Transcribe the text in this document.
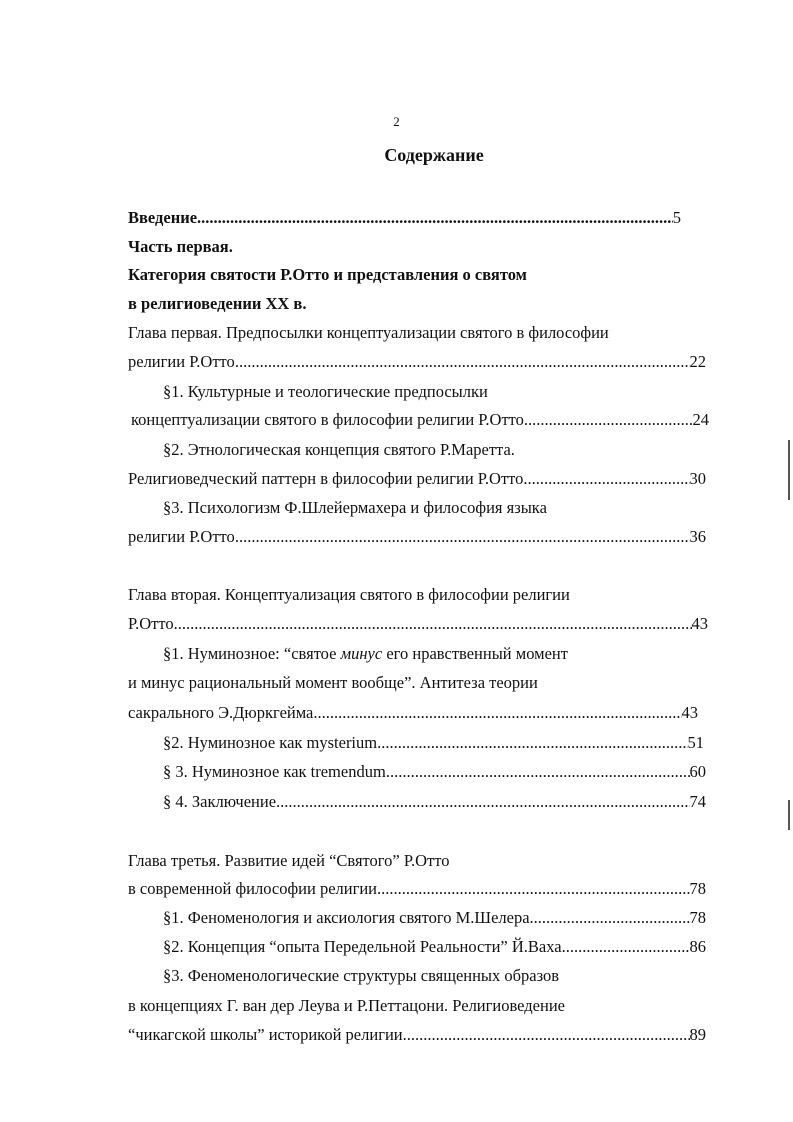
2
Содержание
Введение .....	5
Часть первая.
Категория святости Р.Отто и представления о святом
в религиоведении XX в.
Глава первая. Предпосылки концептуализации святого в философии
религии Р.Отто .....	22
§1. Культурные и теологические предпосылки
концептуализации святого в философии религии Р.Отто .....	24
§2. Этнологическая концепция святого Р.Маретта.
Религиоведческий паттерн в философии религии Р.Отто .....	30
§3. Психологизм Ф.Шлейермахера и философия языка
религии Р.Отто .....	36
Глава вторая. Концептуализация святого в философии религии
Р.Отто .....	43
§1. Нуминозное: “святое минус его нравственный момент
и минус рациональный момент вообще”. Антитеза теории
сакрального Э.Дюркгейма .....	43
§2. Нуминозное как mysterium .....	51
§ 3. Нуминозное как tremendum .....	60
§ 4. Заключение .....	74
Глава третья. Развитие идей “Святого” Р.Отто
в современной философии религии .....	78
§1. Феноменология и аксиология святого М.Шелера .....	78
§2. Концепция “опыта Передельной Реальности” Й.Ваха .....	86
§3. Феноменологические структуры священных образов
в концепциях Г. ван дер Леува и Р.Петтацони. Религиоведение
“чикагской школы” историкой религии .....	89
